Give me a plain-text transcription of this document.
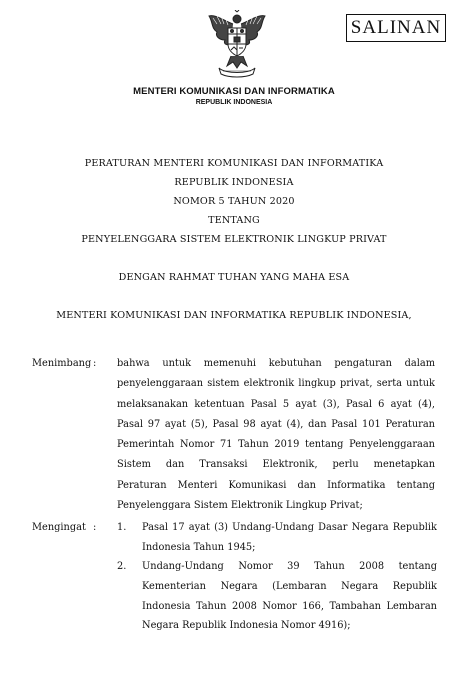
SALINAN
MENTERI KOMUNIKASI DAN INFORMATIKA
REPUBLIK INDONESIA
PERATURAN MENTERI KOMUNIKASI DAN INFORMATIKA
REPUBLIK INDONESIA
NOMOR 5 TAHUN 2020
TENTANG
PENYELENGGARA SISTEM ELEKTRONIK LINGKUP PRIVAT
DENGAN RAHMAT TUHAN YANG MAHA ESA
MENTERI KOMUNIKASI DAN INFORMATIKA REPUBLIK INDONESIA,
Menimbang : bahwa untuk memenuhi kebutuhan pengaturan dalam
penyelenggaraan sistem elektronik lingkup privat, serta untuk
melaksanakan ketentuan Pasal 5 ayat (3), Pasal 6 ayat (4),
Pasal 97 ayat (5), Pasal 98 ayat (4), dan Pasal 101 Peraturan
Pemerintah Nomor 71 Tahun 2019 tentang Penyelenggaraan
Sistem dan Transaksi Elektronik, perlu menetapkan
Peraturan Menteri Komunikasi dan Informatika tentang
Penyelenggara Sistem Elektronik Lingkup Privat;
Mengingat : 1. Pasal 17 ayat (3) Undang-Undang Dasar Negara Republik
Indonesia Tahun 1945;
2. Undang-Undang Nomor 39 Tahun 2008 tentang
Kementerian Negara (Lembaran Negara Republik
Indonesia Tahun 2008 Nomor 166, Tambahan Lembaran
Negara Republik Indonesia Nomor 4916);
